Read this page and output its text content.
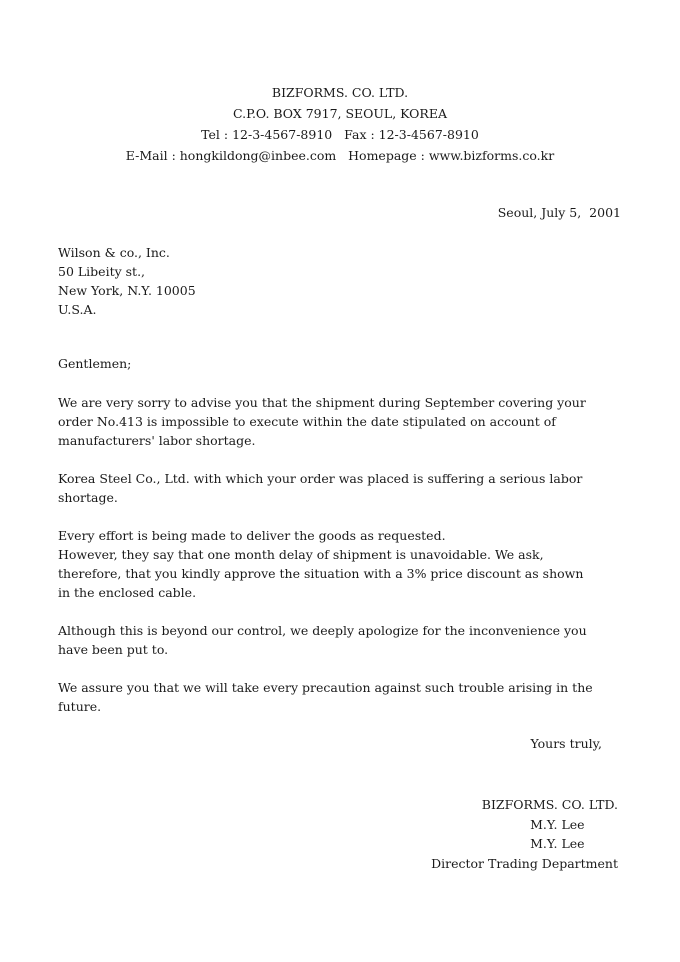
BIZFORMS. CO. LTD.
C.P.O. BOX 7917, SEOUL, KOREA
Tel : 12-3-4567-8910   Fax : 12-3-4567-8910
E-Mail : hongkildong@inbee.com   Homepage : www.bizforms.co.kr
Seoul, July 5,  2001
Wilson & co., Inc.
50 Libeity st.,
New York, N.Y. 10005
U.S.A.
Gentlemen;

We are very sorry to advise you that the shipment during September covering your order No.413 is impossible to execute within the date stipulated on account of manufacturers' labor shortage.

Korea Steel Co., Ltd. with which your order was placed is suffering a serious labor shortage.

Every effort is being made to deliver the goods as requested.
However, they say that one month delay of shipment is unavoidable. We ask, therefore, that you kindly approve the situation with a 3% price discount as shown in the enclosed cable.

Although this is beyond our control, we deeply apologize for the inconvenience you have been put to.

We assure you that we will take every precaution against such trouble arising in the future.

Yours truly,
BIZFORMS. CO. LTD.
M.Y. Lee
M.Y. Lee
Director Trading Department
